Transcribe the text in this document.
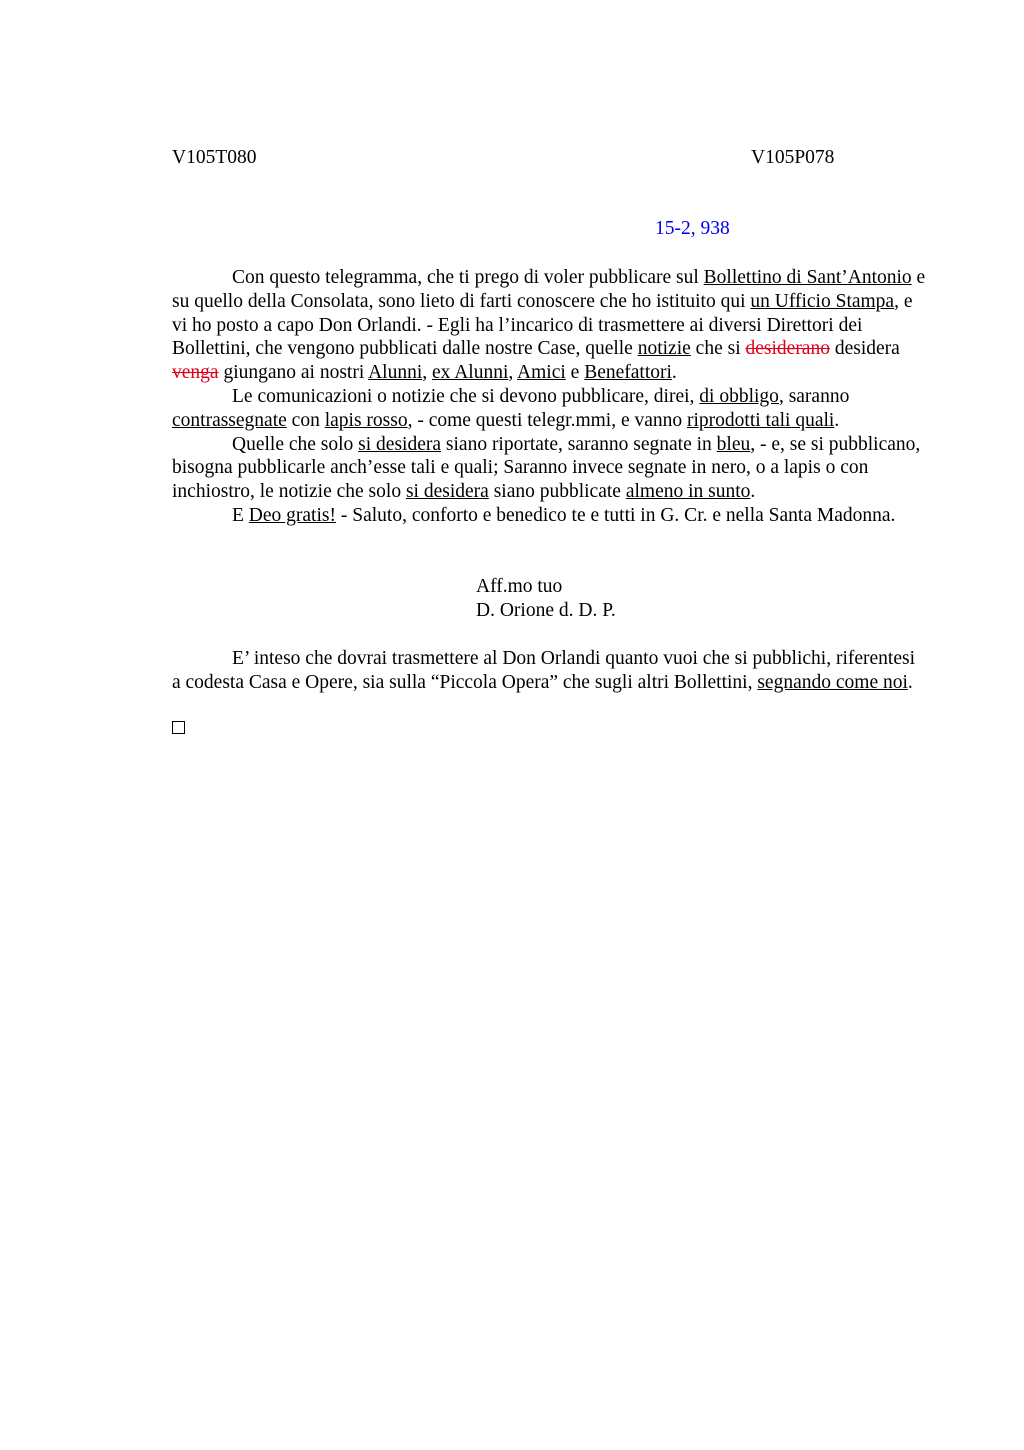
V105T080	V105P078
15-2, 938

Con questo telegramma, che ti prego di voler pubblicare sul Bollettino di Sant’Antonio e su quello della Consolata, sono lieto di farti conoscere che ho istituito qui un Ufficio Stampa, e vi ho posto a capo Don Orlandi. - Egli ha l’incarico di trasmettere ai diversi Direttori dei Bollettini, che vengono pubblicati dalle nostre Case, quelle notizie che si desiderano desidera venga giungano ai nostri Alunni, ex Alunni, Amici e Benefattori.

Le comunicazioni o notizie che si devono pubblicare, direi, di obbligo, saranno contrassegnate con lapis rosso, - come questi telegr.mmi, e vanno riprodotti tali quali.

Quelle che solo si desidera siano riportate, saranno segnate in bleu, - e, se si pubblicano, bisogna pubblicarle anch’esse tali e quali; Saranno invece segnate in nero, o a lapis o con inchiostro, le notizie che solo si desidera siano pubblicate almeno in sunto.

E Deo gratis! - Saluto, conforto e benedico te e tutti in G. Cr. e nella Santa Madonna.

Aff.mo tuo
D. Orione d. D. P.

E’ inteso che dovrai trasmettere al Don Orlandi quanto vuoi che si pubblichi, riferentesi a codesta Casa e Opere, sia sulla “Piccola Opera” che sugli altri Bollettini, segnando come noi.
